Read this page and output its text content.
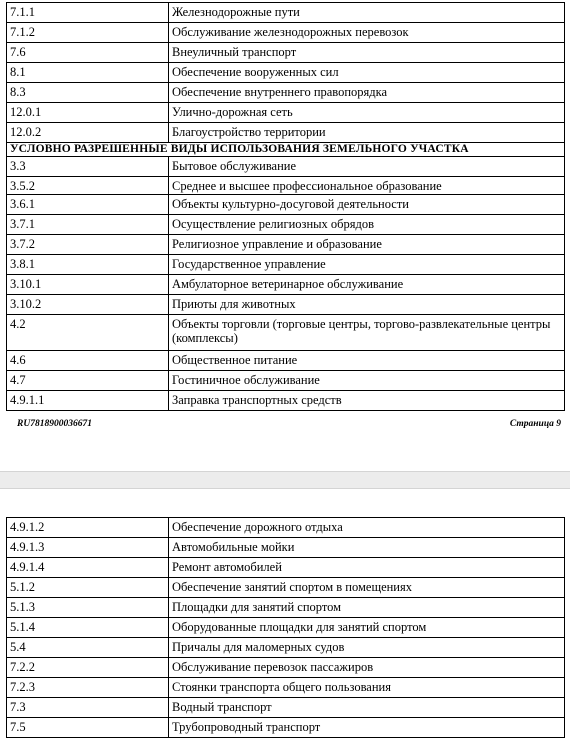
7.1.1	Железнодорожные пути
7.1.2	Обслуживание железнодорожных перевозок
7.6	Внеуличный транспорт
8.1	Обеспечение вооруженных сил
8.3	Обеспечение внутреннего правопорядка
12.0.1	Улично-дорожная сеть
12.0.2	Благоустройство территории
УСЛОВНО РАЗРЕШЕННЫЕ ВИДЫ ИСПОЛЬЗОВАНИЯ ЗЕМЕЛЬНОГО УЧАСТКА	
3.3	Бытовое обслуживание
3.5.2	Среднее и высшее профессиональное образование
3.6.1	Объекты культурно-досуговой деятельности
3.7.1	Осуществление религиозных обрядов
3.7.2	Религиозное управление и образование
3.8.1	Государственное управление
3.10.1	Амбулаторное ветеринарное обслуживание
3.10.2	Приюты для животных
4.2	Объекты торговли (торговые центры, торгово-развлекательные центры (комплексы)
4.6	Общественное питание
4.7	Гостиничное обслуживание
4.9.1.1	Заправка транспортных средств
RU7818900036671	Страница 9
4.9.1.2	Обеспечение дорожного отдыха
4.9.1.3	Автомобильные мойки
4.9.1.4	Ремонт автомобилей
5.1.2	Обеспечение занятий спортом в помещениях
5.1.3	Площадки для занятий спортом
5.1.4	Оборудованные площадки для занятий спортом
5.4	Причалы для маломерных судов
7.2.2	Обслуживание перевозок пассажиров
7.2.3	Стоянки транспорта общего пользования
7.3	Водный транспорт
7.5	Трубопроводный транспорт
